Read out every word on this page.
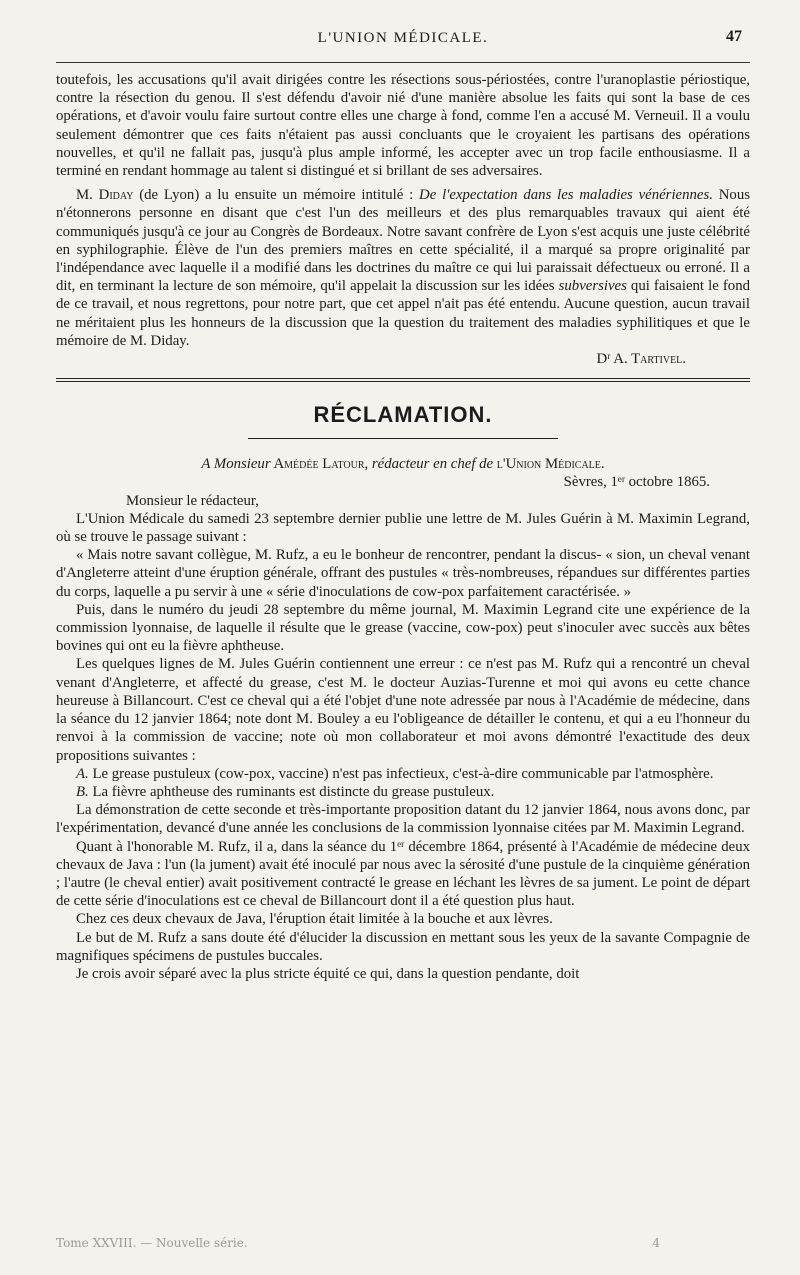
L'UNION MÉDICALE.	47

toutefois, les accusations qu'il avait dirigées contre les résections sous-périostées, contre l'uranoplastie périostique, contre la résection du genou. Il s'est défendu d'avoir nié d'une manière absolue les faits qui sont la base de ces opérations, et d'avoir voulu faire surtout contre elles une charge à fond, comme l'en a accusé M. Verneuil. Il a voulu seulement démontrer que ces faits n'étaient pas aussi concluants que le croyaient les partisans des opérations nouvelles, et qu'il ne fallait pas, jusqu'à plus ample informé, les accepter avec un trop facile enthousiasme. Il a terminé en rendant hommage au talent si distingué et si brillant de ses adversaires.

M. Diday (de Lyon) a lu ensuite un mémoire intitulé : De l'expectation dans les maladies vénériennes. Nous n'étonnerons personne en disant que c'est l'un des meilleurs et des plus remarquables travaux qui aient été communiqués jusqu'à ce jour au Congrès de Bordeaux. Notre savant confrère de Lyon s'est acquis une juste célébrité en syphilographie. Élève de l'un des premiers maîtres en cette spécialité, il a marqué sa propre originalité par l'indépendance avec laquelle il a modifié dans les doctrines du maître ce qui lui paraissait défectueux ou erroné. Il a dit, en terminant la lecture de son mémoire, qu'il appelait la discussion sur les idées subversives qui faisaient le fond de ce travail, et nous regrettons, pour notre part, que cet appel n'ait pas été entendu. Aucune question, aucun travail ne méritaient plus les honneurs de la discussion que la question du traitement des maladies syphilitiques et que le mémoire de M. Diday.

Dʳ A. Tartivel.
RÉCLAMATION.
A Monsieur Amédée Latour, rédacteur en chef de l'Union Médicale.
Sèvres, 1ᵉʳ octobre 1865.
Monsieur le rédacteur,

L'Union Médicale du samedi 23 septembre dernier publie une lettre de M. Jules Guérin à M. Maximin Legrand, où se trouve le passage suivant :

« Mais notre savant collègue, M. Rufz, a eu le bonheur de rencontrer, pendant la discus- « sion, un cheval venant d'Angleterre atteint d'une éruption générale, offrant des pustules « très-nombreuses, répandues sur différentes parties du corps, laquelle a pu servir à une « série d'inoculations de cow-pox parfaitement caractérisée. »

Puis, dans le numéro du jeudi 28 septembre du même journal, M. Maximin Legrand cite une expérience de la commission lyonnaise, de laquelle il résulte que le grease (vaccine, cow-pox) peut s'inoculer avec succès aux bêtes bovines qui ont eu la fièvre aphtheuse.

Les quelques lignes de M. Jules Guérin contiennent une erreur : ce n'est pas M. Rufz qui a rencontré un cheval venant d'Angleterre, et affecté du grease, c'est M. le docteur Auzias-Turenne et moi qui avons eu cette chance heureuse à Billancourt. C'est ce cheval qui a été l'objet d'une note adressée par nous à l'Académie de médecine, dans la séance du 12 janvier 1864; note dont M. Bouley a eu l'obligeance de détailler le contenu, et qui a eu l'honneur du renvoi à la commission de vaccine; note où mon collaborateur et moi avons démontré l'exactitude des deux propositions suivantes :

A. Le grease pustuleux (cow-pox, vaccine) n'est pas infectieux, c'est-à-dire communicable par l'atmosphère.

B. La fièvre aphtheuse des ruminants est distincte du grease pustuleux.

La démonstration de cette seconde et très-importante proposition datant du 12 janvier 1864, nous avons donc, par l'expérimentation, devancé d'une année les conclusions de la commission lyonnaise citées par M. Maximin Legrand.

Quant à l'honorable M. Rufz, il a, dans la séance du 1ᵉʳ décembre 1864, présenté à l'Académie de médecine deux chevaux de Java : l'un (la jument) avait été inoculé par nous avec la sérosité d'une pustule de la cinquième génération ; l'autre (le cheval entier) avait positivement contracté le grease en léchant les lèvres de sa jument. Le point de départ de cette série d'inoculations est ce cheval de Billancourt dont il a été question plus haut.

Chez ces deux chevaux de Java, l'éruption était limitée à la bouche et aux lèvres.

Le but de M. Rufz a sans doute été d'élucider la discussion en mettant sous les yeux de la savante Compagnie de magnifiques spécimens de pustules buccales.

Je crois avoir séparé avec la plus stricte équité ce qui, dans la question pendante, doit

Tome XXVIII. — Nouvelle série.	4
